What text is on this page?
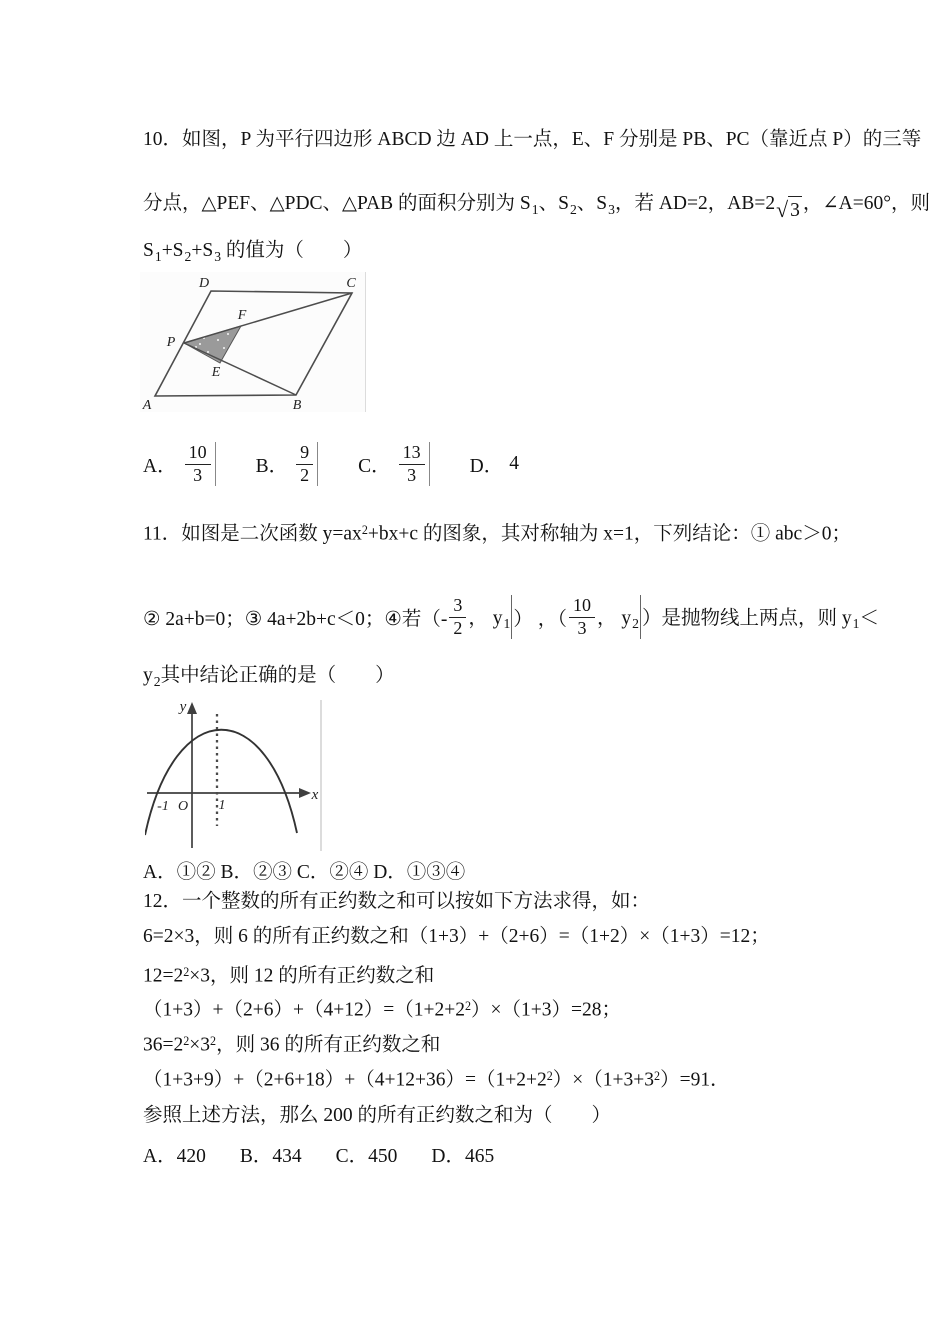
10．如图，P 为平行四边形 ABCD 边 AD 上一点，E、F 分别是 PB、PC（靠近点 P）的三等
分点，△PEF、△PDC、△PAB 的面积分别为 $S_1$、$S_2$、$S_3$，若 AD=2，AB=2√ 3 ，∠A=60°，则
$S_1+S_2+S_3$ 的值为（　　）
D	C
A	B
P
E
F
A． $\frac{10}{3}$ B． $\frac{9}{2}$ C． $\frac{13}{3}$ D． 4
11．如图是二次函数 $y=ax^2+bx+c$ 的图象，其对称轴为 x=1，下列结论：① abc＞0；
② 2a+b=0；③ 4a+2b+c＜0；④若（- $\frac{3}{2}$ ， $y_1$ ） ，（ $\frac{10}{3}$ ， $y_2$ ）是抛物线上两点，则 $y_1<$
$y_2$其中结论正确的是（　　）
y
x
-1 O 1
A．①② B．②③ C．②④ D．①③④
12．一个整数的所有正约数之和可以按如下方法求得，如：
6=2×3，则 6 的所有正约数之和（1+3）+（2+6）=（1+2）×（1+3）=12；
$12=2^2\times 3$，则 12 的所有正约数之和
$(1+3)+(2+6)+(4+12)=(1+2+2^2)\times(1+3)=28$；
$36=2^2\times 3^2$，则 36 的所有正约数之和
$(1+3+9)+(2+6+18)+(4+12+36)=(1+2+2^2)\times(1+3+3^2)=91$．
参照上述方法，那么 200 的所有正约数之和为（　　）
A．420 B．434 C．450 D．465
